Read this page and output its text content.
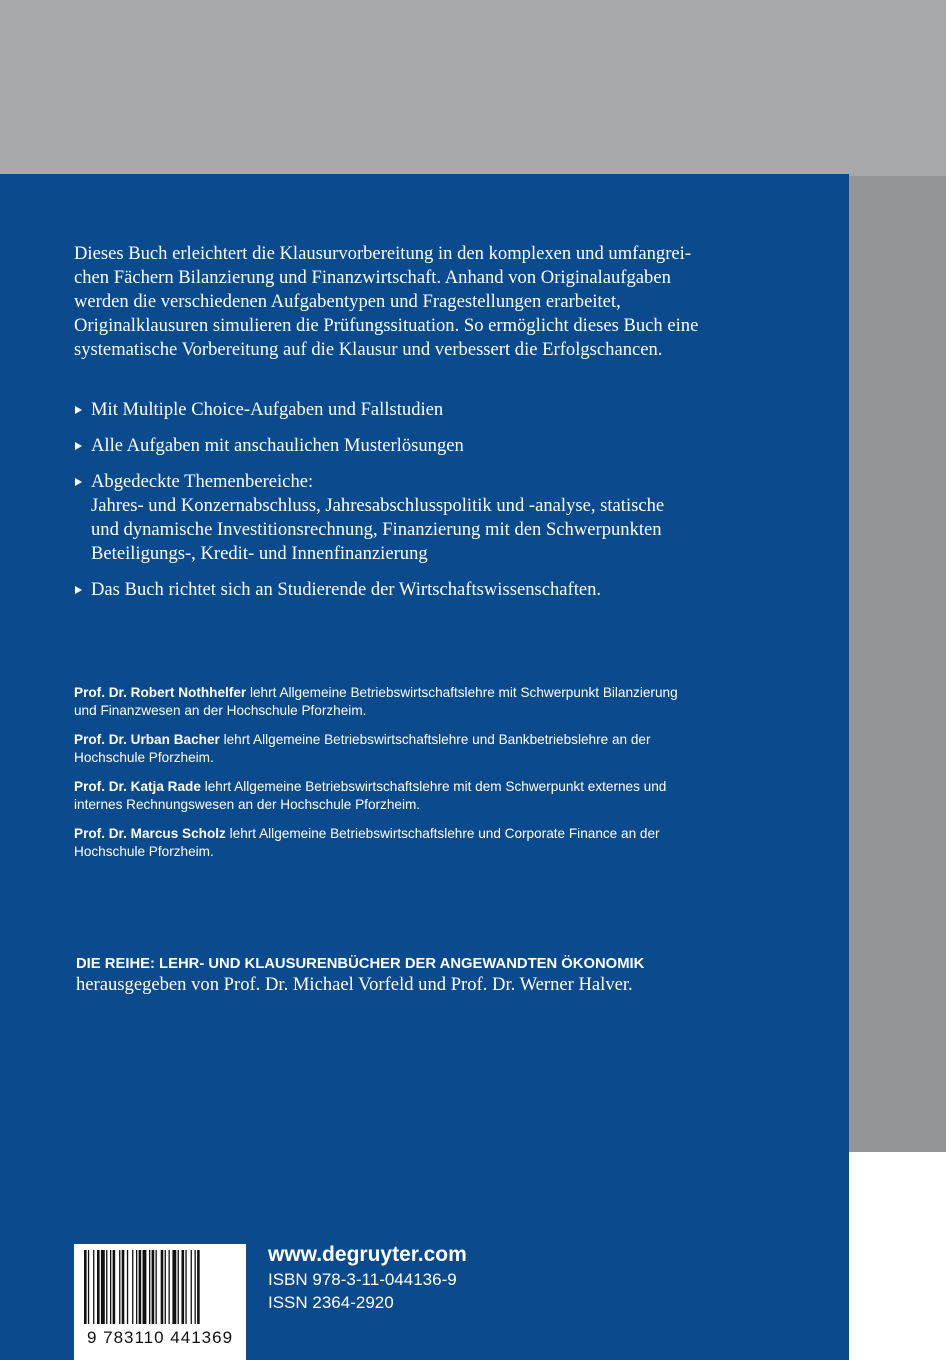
Dieses Buch erleichtert die Klausurvorbereitung in den komplexen und umfangrei-
chen Fächern Bilanzierung und Finanzwirtschaft. Anhand von Originalaufgaben
werden die verschiedenen Aufgabentypen und Fragestellungen erarbeitet,
Originalklausuren simulieren die Prüfungssituation. So ermöglicht dieses Buch eine
systematische Vorbereitung auf die Klausur und verbessert die Erfolgschancen.

Mit Multiple Choice-Aufgaben und Fallstudien
Alle Aufgaben mit anschaulichen Musterlösungen
Abgedeckte Themenbereiche:
Jahres- und Konzernabschluss, Jahresabschlusspolitik und -analyse, statische
und dynamische Investitionsrechnung, Finanzierung mit den Schwerpunkten
Beteiligungs-, Kredit- und Innenfinanzierung
Das Buch richtet sich an Studierende der Wirtschaftswissenschaften.

Prof. Dr. Robert Nothhelfer lehrt Allgemeine Betriebswirtschaftslehre mit Schwerpunkt Bilanzierung
und Finanzwesen an der Hochschule Pforzheim.

Prof. Dr. Urban Bacher lehrt Allgemeine Betriebswirtschaftslehre und Bankbetriebslehre an der
Hochschule Pforzheim.

Prof. Dr. Katja Rade lehrt Allgemeine Betriebswirtschaftslehre mit dem Schwerpunkt externes und
internes Rechnungswesen an der Hochschule Pforzheim.

Prof. Dr. Marcus Scholz lehrt Allgemeine Betriebswirtschaftslehre und Corporate Finance an der
Hochschule Pforzheim.

DIE REIHE: LEHR- UND KLAUSURENBÜCHER DER ANGEWANDTEN ÖKONOMIK
herausgegeben von Prof. Dr. Michael Vorfeld und Prof. Dr. Werner Halver.
9 783110 441369
www.degruyter.com
ISBN 978-3-11-044136-9
ISSN 2364-2920
